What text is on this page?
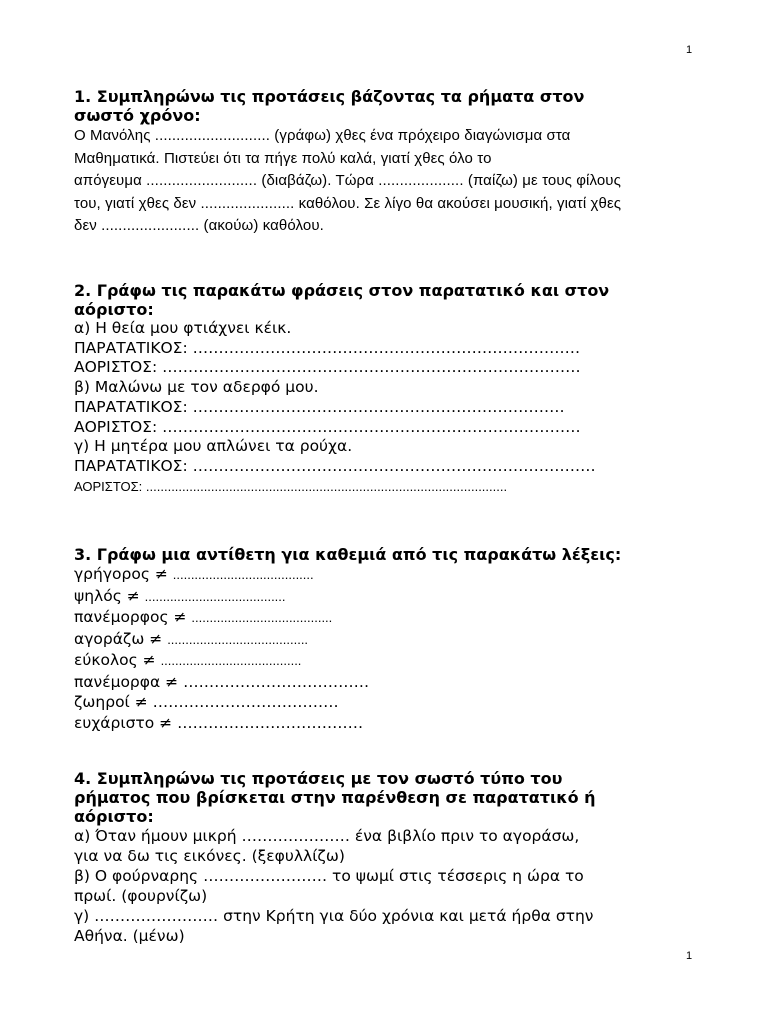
1
1. Συμπληρώνω τις προτάσεις βάζοντας τα ρήματα στον
σωστό χρόνο:
Ο Μανόλης ........................... (γράφω) χθες ένα πρόχειρο διαγώνισμα στα
Μαθηματικά. Πιστεύει ότι τα πήγε πολύ καλά, γιατί χθες όλο το
απόγευμα .......................... (διαβάζω). Τώρα .................... (παίζω) με τους φίλους
του, γιατί χθες δεν ...................... καθόλου. Σε λίγο θα ακούσει μουσική, γιατί χθες
δεν ....................... (ακούω) καθόλου.
2. Γράφω τις παρακάτω φράσεις στον παρατατικό και στον
αόριστο:
α) Η θεία μου φτιάχνει κέικ.
ΠΑΡΑΤΑΤΙΚΟΣ: …………………………………………………………………
ΑΟΡΙΣΤΟΣ: ………………………………………………………………………
β) Μαλώνω με τον αδερφό μου.
ΠΑΡΑΤΑΤΙΚΟΣ: ………………………………………………………………
ΑΟΡΙΣΤΟΣ: ………………………………………………………………………
γ) Η μητέρα μου απλώνει τα ρούχα.
ΠΑΡΑΤΑΤΙΚΟΣ: ……………………………………………………………………
ΑΟΡΙΣΤΟΣ: ....................................................................................................
3. Γράφω μια αντίθετη για καθεμιά από τις παρακάτω λέξεις:
γρήγορος ≠ .......................................
ψηλός ≠ .......................................
πανέμορφος ≠ .......................................
αγοράζω ≠ .......................................
εύκολος ≠ .......................................
πανέμορφα ≠ ………………………………
ζωηροί ≠ ………………………………
ευχάριστο ≠ ………………………………
4. Συμπληρώνω τις προτάσεις με τον σωστό τύπο του
ρήματος που βρίσκεται στην παρένθεση σε παρατατικό ή
αόριστο:
α) Όταν ήμουν μικρή ………………… ένα βιβλίο πριν το αγοράσω,
για να δω τις εικόνες. (ξεφυλλίζω)
β) Ο φούρναρης …………………… το ψωμί στις τέσσερις η ώρα το
πρωί. (φουρνίζω)
γ) …………………… στην Κρήτη για δύο χρόνια και μετά ήρθα στην
Αθήνα. (μένω)
1
